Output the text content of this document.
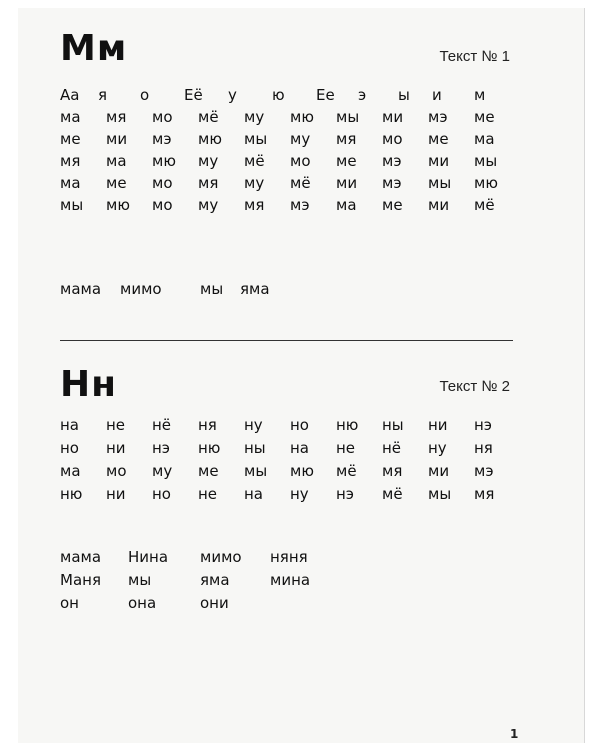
Мм	Текст № 1
Аа я о Её у ю Ее э ы и м
ма мя мо мё му мю мы ми мэ ме
ме ми мэ мю мы му мя мо ме ма
мя ма мю му мё мо ме мэ ми мы
ма ме мо мя му мё ми мэ мы мю
мы мю мо му мя мэ ма ме ми мё
мама мимо	мы яма
Нн	Текст № 2
на не нё ня ну но ню ны ни нэ
но ни нэ ню ны на не нё ну ня
ма мо му ме мы мю мё мя ми мэ
ню ни но не на ну нэ мё мы мя
мама Нина мимо няня
Маня мы	яма	мина
он	она	они
1
